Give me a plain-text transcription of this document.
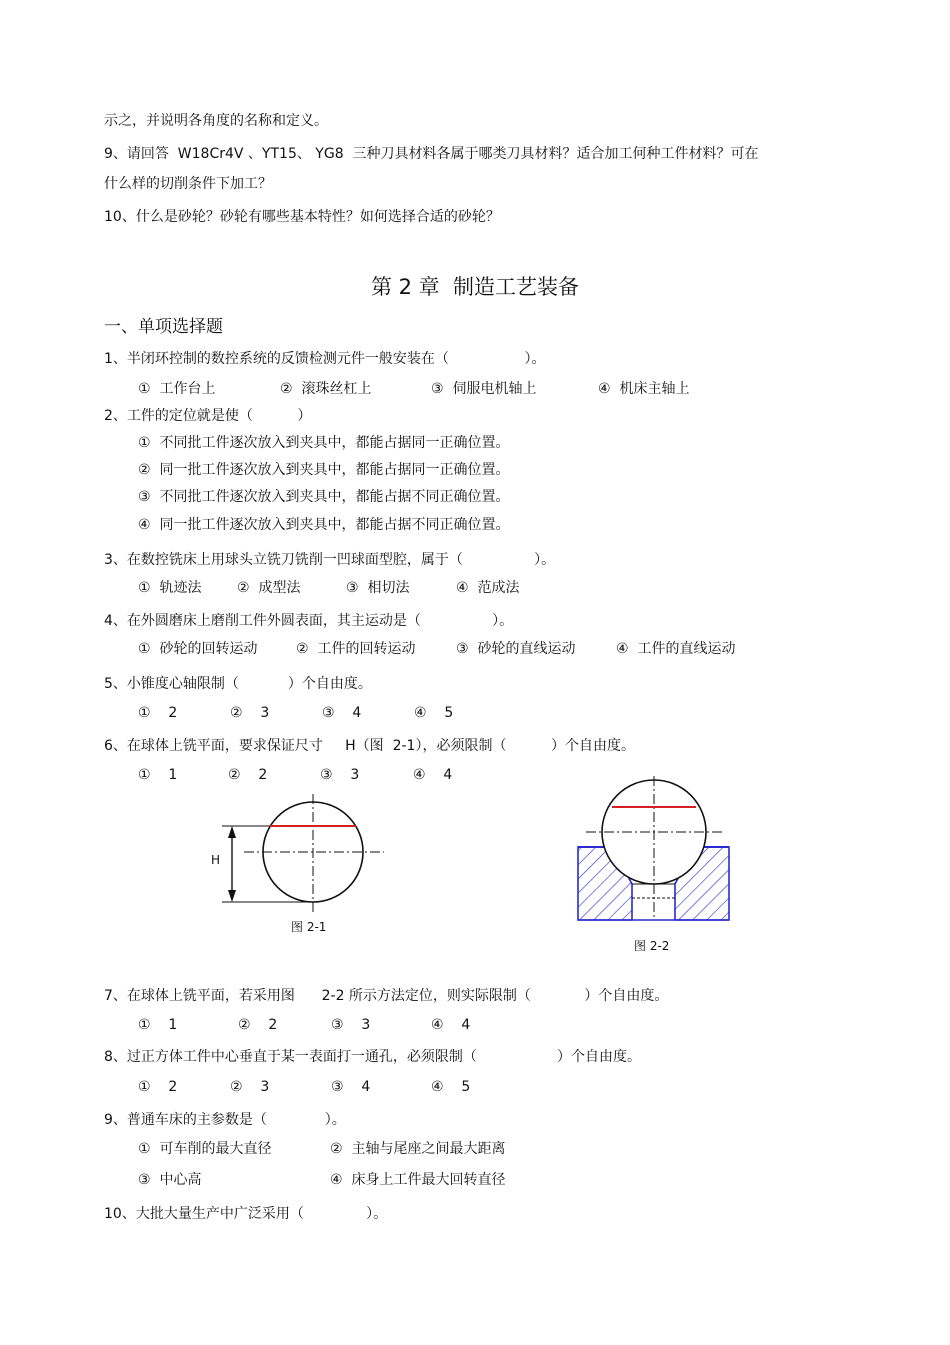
示之，并说明各角度的名称和定义。
9、请回答  W18Cr4V 、YT15、 YG8  三种刀具材料各属于哪类刀具材料？适合加工何种工件材料？可在
什么样的切削条件下加工？
10、什么是砂轮？砂轮有哪些基本特性？如何选择合适的砂轮？
第 2 章  制造工艺装备
一、单项选择题
1、半闭环控制的数控系统的反馈检测元件一般安装在（                 ）。
①  工作台上	②  滚珠丝杠上	③  伺服电机轴上	④  机床主轴上
2、工件的定位就是使（          ）
①  不同批工件逐次放入到夹具中，都能占据同一正确位置。
②  同一批工件逐次放入到夹具中，都能占据同一正确位置。
③  不同批工件逐次放入到夹具中，都能占据不同正确位置。
④  同一批工件逐次放入到夹具中，都能占据不同正确位置。
3、在数控铣床上用球头立铣刀铣削一凹球面型腔，属于（                ）。
①  轨迹法	②  成型法	③  相切法	④  范成法
4、在外圆磨床上磨削工件外圆表面，其主运动是（                ）。
①  砂轮的回转运动	②  工件的回转运动	③  砂轮的直线运动	④  工件的直线运动
5、小锥度心轴限制（           ）个自由度。
①    2	②    3	③    4	④    5
6、在球体上铣平面，要求保证尺寸     H（图  2-1），必须限制（          ）个自由度。
①    1	②    2	③    3	④    4
H
图 2-1
图 2-2
7、在球体上铣平面，若采用图      2-2 所示方法定位，则实际限制（            ）个自由度。
①    1	②    2	③    3	④    4
8、过正方体工件中心垂直于某一表面打一通孔，必须限制（                  ）个自由度。
①    2	②    3	③    4	④    5
9、普通车床的主参数是（             ）。
①  可车削的最大直径	②  主轴与尾座之间最大距离
③  中心高	④  床身上工件最大回转直径
10、大批大量生产中广泛采用（              ）。
